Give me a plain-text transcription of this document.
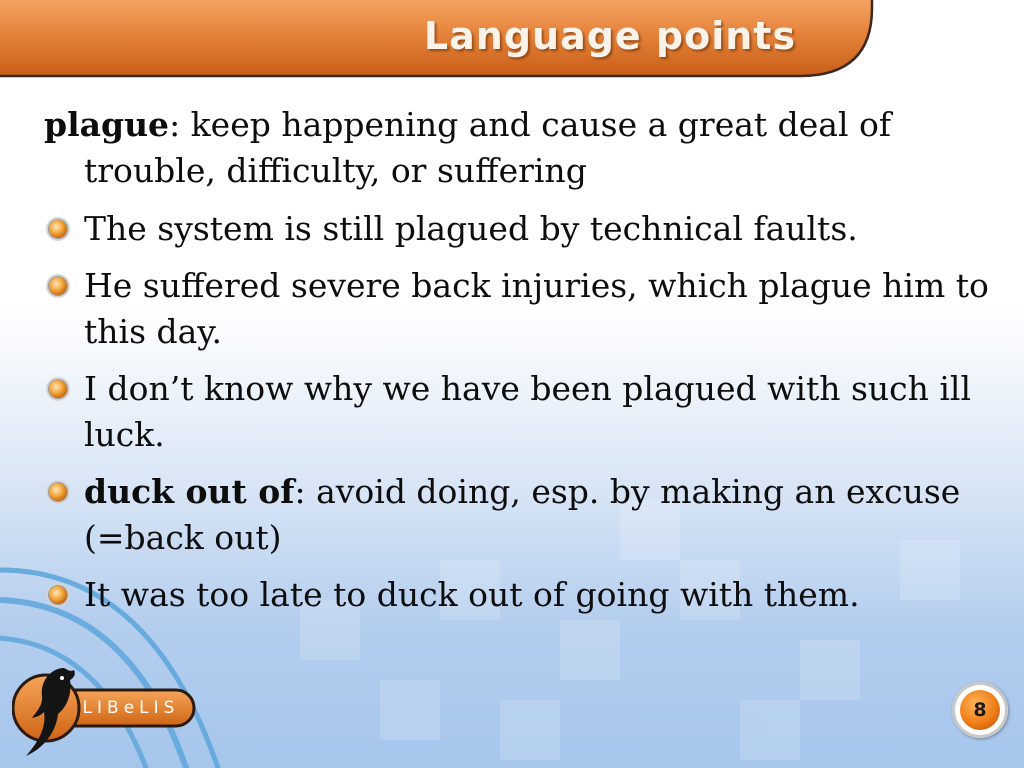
Language points

plague: keep happening and cause a great deal of trouble, difficulty, or suffering

The system is still plagued by technical faults.
He suffered severe back injuries, which plague him to this day.
I don’t know why we have been plagued with such ill luck.
duck out of: avoid doing, esp. by making an excuse (=back out)
It was too late to duck out of going with them.
LIBeLIS	8
